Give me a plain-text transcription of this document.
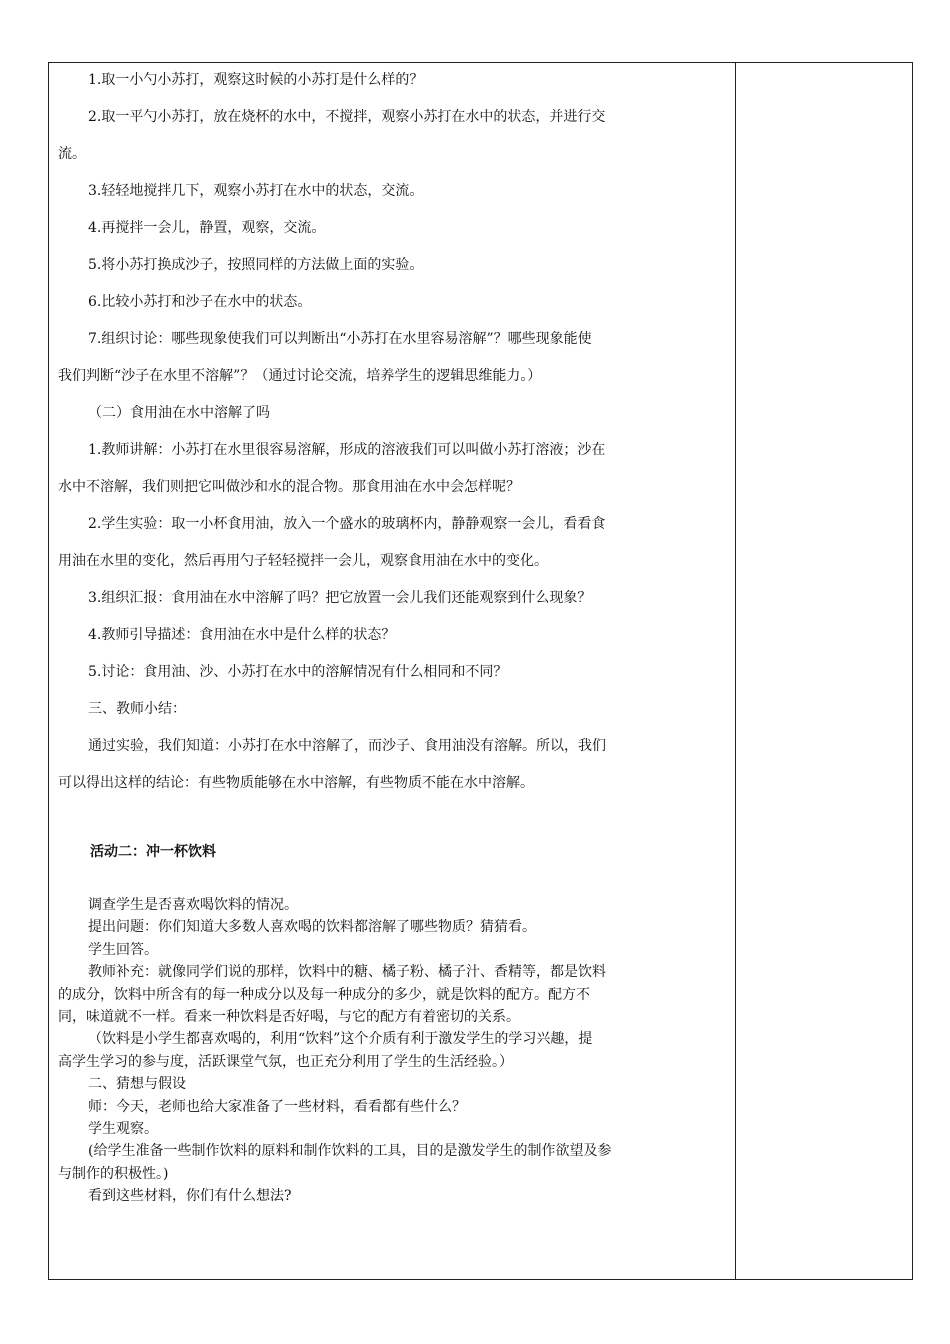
1.取一小勺小苏打，观察这时候的小苏打是什么样的？

2.取一平勺小苏打，放在烧杯的水中，不搅拌，观察小苏打在水中的状态，并进行交

流。

3.轻轻地搅拌几下，观察小苏打在水中的状态，交流。

4.再搅拌一会儿，静置，观察，交流。

5.将小苏打换成沙子，按照同样的方法做上面的实验。

6.比较小苏打和沙子在水中的状态。

7.组织讨论：哪些现象使我们可以判断出“小苏打在水里容易溶解”？哪些现象能使

我们判断“沙子在水里不溶解”？（通过讨论交流，培养学生的逻辑思维能力。）

（二）食用油在水中溶解了吗

1.教师讲解：小苏打在水里很容易溶解，形成的溶液我们可以叫做小苏打溶液；沙在

水中不溶解，我们则把它叫做沙和水的混合物。那食用油在水中会怎样呢？

2.学生实验：取一小杯食用油，放入一个盛水的玻璃杯内，静静观察一会儿，看看食

用油在水里的变化，然后再用勺子轻轻搅拌一会儿，观察食用油在水中的变化。

3.组织汇报：食用油在水中溶解了吗？把它放置一会儿我们还能观察到什么现象？

4.教师引导描述：食用油在水中是什么样的状态？

5.讨论：食用油、沙、小苏打在水中的溶解情况有什么相同和不同？

三、教师小结：

通过实验，我们知道：小苏打在水中溶解了，而沙子、食用油没有溶解。所以，我们

可以得出这样的结论：有些物质能够在水中溶解，有些物质不能在水中溶解。

活动二：冲一杯饮料

调查学生是否喜欢喝饮料的情况。

提出问题：你们知道大多数人喜欢喝的饮料都溶解了哪些物质？猜猜看。

学生回答。

教师补充：就像同学们说的那样，饮料中的糖、橘子粉、橘子汁、香精等，都是饮料

的成分，饮料中所含有的每一种成分以及每一种成分的多少，就是饮料的配方。配方不

同，味道就不一样。看来一种饮料是否好喝，与它的配方有着密切的关系。

（饮料是小学生都喜欢喝的，利用“饮料”这个介质有利于激发学生的学习兴趣，提

高学生学习的参与度，活跃课堂气氛，也正充分利用了学生的生活经验。）

二、猜想与假设

师：今天，老师也给大家准备了一些材料，看看都有些什么？

学生观察。

(给学生准备一些制作饮料的原料和制作饮料的工具，目的是激发学生的制作欲望及参

与制作的积极性。)

看到这些材料，你们有什么想法?
